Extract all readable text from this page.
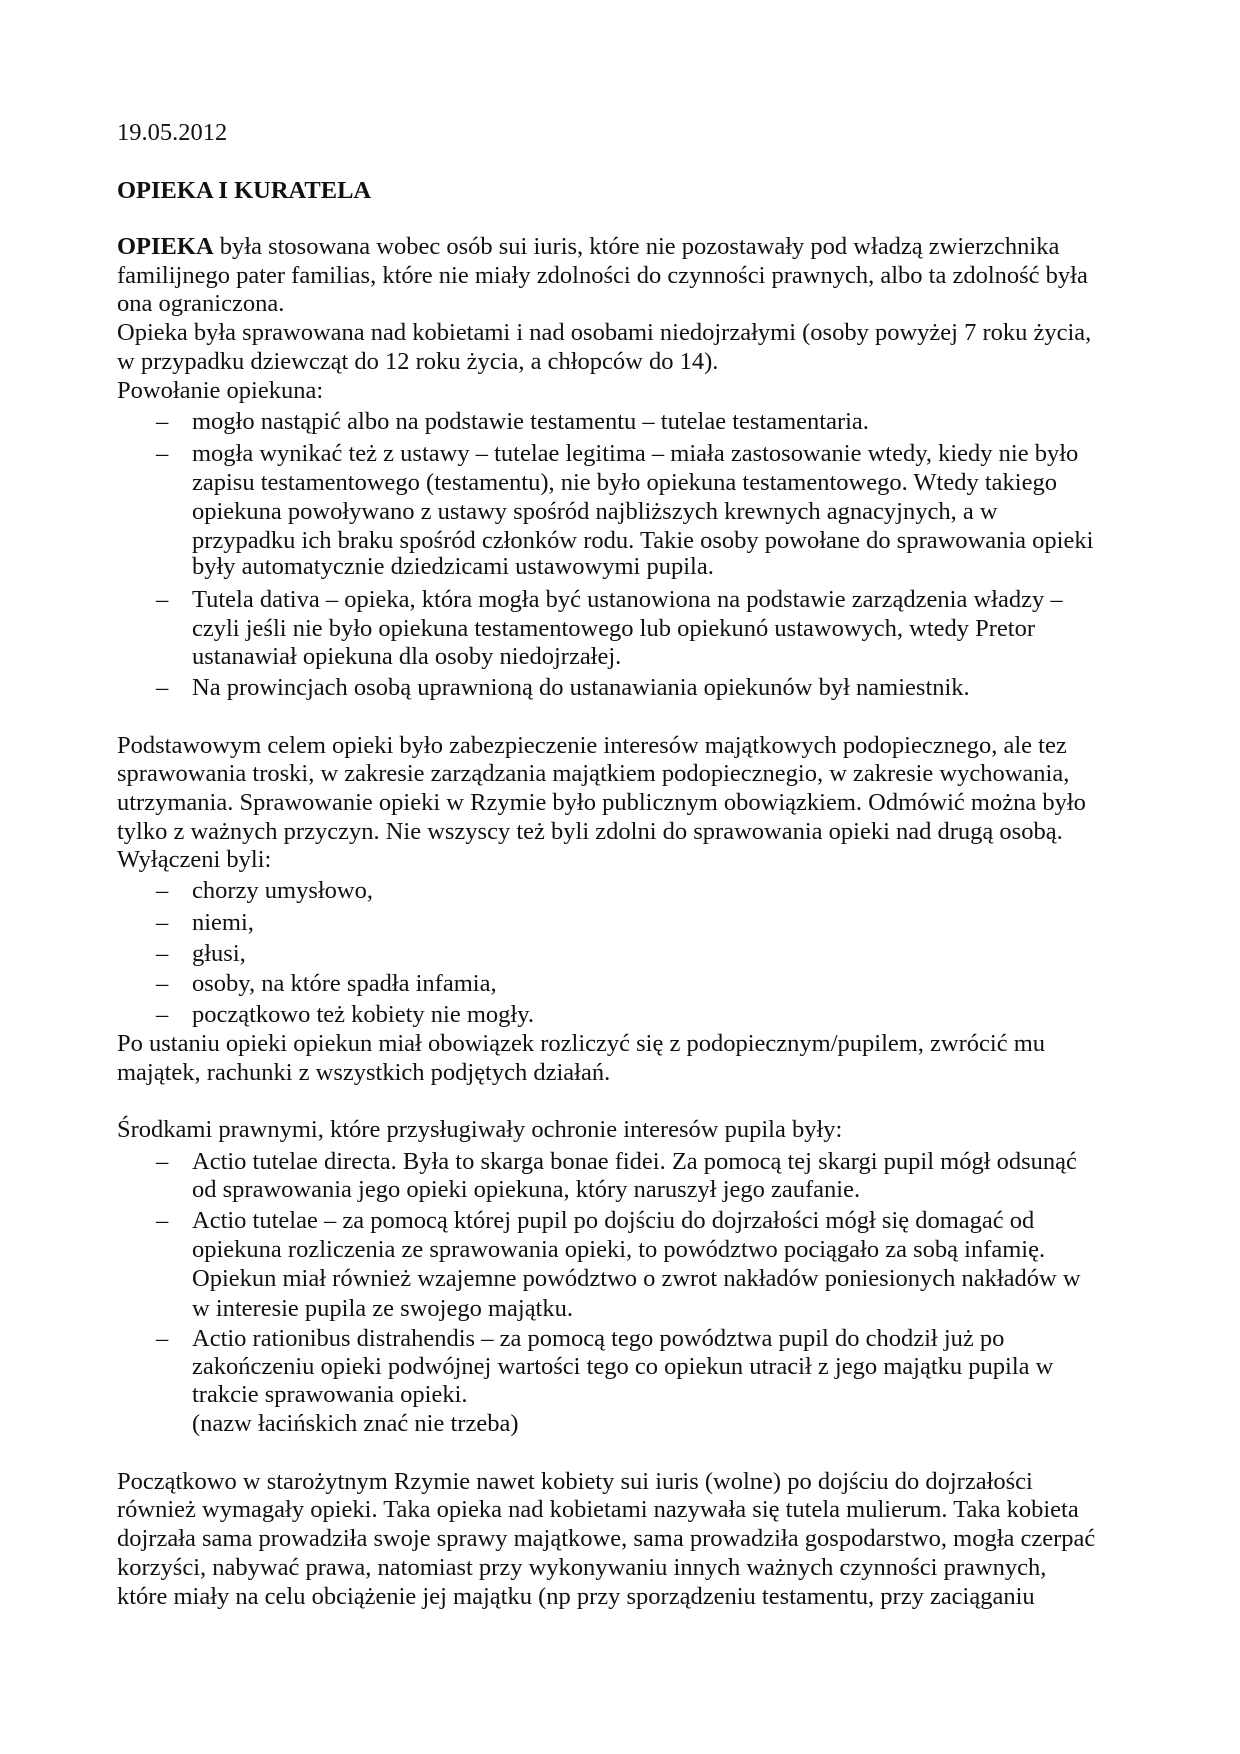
19.05.2012
OPIEKA I KURATELA
OPIEKA była stosowana wobec osób sui iuris, które nie pozostawały pod władzą zwierzchnika
familijnego pater familias, które nie miały zdolności do czynności prawnych, albo ta zdolność była
ona ograniczona.
Opieka była sprawowana nad kobietami i nad osobami niedojrzałymi (osoby powyżej 7 roku życia,
w przypadku dziewcząt do 12 roku życia, a chłopców do 14).
Powołanie opiekuna:
– mogło nastąpić albo na podstawie testamentu – tutelae testamentaria.
– mogła wynikać też z ustawy – tutelae legitima – miała zastosowanie wtedy, kiedy nie było
zapisu testamentowego (testamentu), nie było opiekuna testamentowego. Wtedy takiego
opiekuna powoływano z ustawy spośród najbliższych krewnych agnacyjnych, a w
przypadku ich braku spośród członków rodu. Takie osoby powołane do sprawowania opieki
były automatycznie dziedzicami ustawowymi pupila.
– Tutela dativa – opieka, która mogła być ustanowiona na podstawie zarządzenia władzy –
czyli jeśli nie było opiekuna testamentowego lub opiekunó ustawowych, wtedy Pretor
ustanawiał opiekuna dla osoby niedojrzałej.
– Na prowincjach osobą uprawnioną do ustanawiania opiekunów był namiestnik.
Podstawowym celem opieki było zabezpieczenie interesów majątkowych podopiecznego, ale tez
sprawowania troski, w zakresie zarządzania majątkiem podopiecznegio, w zakresie wychowania,
utrzymania. Sprawowanie opieki w Rzymie było publicznym obowiązkiem. Odmówić można było
tylko z ważnych przyczyn. Nie wszyscy też byli zdolni do sprawowania opieki nad drugą osobą.
Wyłączeni byli:
– chorzy umysłowo,
– niemi,
– głusi,
– osoby, na które spadła infamia,
– początkowo też kobiety nie mogły.
Po ustaniu opieki opiekun miał obowiązek rozliczyć się z podopiecznym/pupilem, zwrócić mu
majątek, rachunki z wszystkich podjętych działań.
Środkami prawnymi, które przysługiwały ochronie interesów pupila były:
– Actio tutelae directa. Była to skarga bonae fidei. Za pomocą tej skargi pupil mógł odsunąć
od sprawowania jego opieki opiekuna, który naruszył jego zaufanie.
– Actio tutelae – za pomocą której pupil po dojściu do dojrzałości mógł się domagać od
opiekuna rozliczenia ze sprawowania opieki, to powództwo pociągało za sobą infamię.
Opiekun miał również wzajemne powództwo o zwrot nakładów poniesionych nakładów w
w interesie pupila ze swojego majątku.
– Actio rationibus distrahendis – za pomocą tego powództwa pupil do chodził już po
zakończeniu opieki podwójnej wartości tego co opiekun utracił z jego majątku pupila w
trakcie sprawowania opieki.
(nazw łacińskich znać nie trzeba)
Początkowo w starożytnym Rzymie nawet kobiety sui iuris (wolne) po dojściu do dojrzałości
również wymagały opieki. Taka opieka nad kobietami nazywała się tutela mulierum. Taka kobieta
dojrzała sama prowadziła swoje sprawy majątkowe, sama prowadziła gospodarstwo, mogła czerpać
korzyści, nabywać prawa, natomiast przy wykonywaniu innych ważnych czynności prawnych,
które miały na celu obciążenie jej majątku (np przy sporządzeniu testamentu, przy zaciąganiu
